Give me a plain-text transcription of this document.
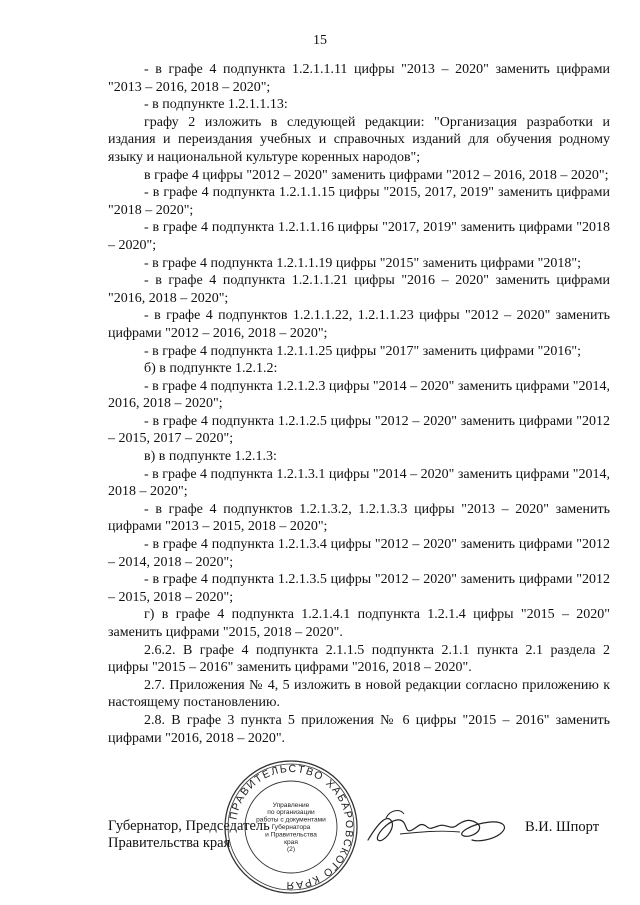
15

- в графе 4 подпункта 1.2.1.1.11 цифры "2013 – 2020" заменить цифрами "2013 – 2016, 2018 – 2020";

- в подпункте 1.2.1.1.13:

графу 2 изложить в следующей редакции: "Организация разработки и издания и переиздания учебных и справочных изданий для обучения родному языку и национальной культуре коренных народов";

в графе 4 цифры "2012 – 2020" заменить цифрами "2012 – 2016, 2018 – 2020";

- в графе 4 подпункта 1.2.1.1.15 цифры "2015, 2017, 2019" заменить цифрами "2018 – 2020";

- в графе 4 подпункта 1.2.1.1.16 цифры "2017, 2019" заменить цифрами "2018 – 2020";

- в графе 4 подпункта 1.2.1.1.19 цифры "2015" заменить цифрами "2018";

- в графе 4 подпункта 1.2.1.1.21 цифры "2016 – 2020" заменить цифрами "2016, 2018 – 2020";

- в графе 4 подпунктов 1.2.1.1.22, 1.2.1.1.23 цифры "2012 – 2020" заменить цифрами "2012 – 2016, 2018 – 2020";

- в графе 4 подпункта 1.2.1.1.25 цифры "2017" заменить цифрами "2016";

б) в подпункте 1.2.1.2:

- в графе 4 подпункта 1.2.1.2.3 цифры "2014 – 2020" заменить цифрами "2014, 2016, 2018 – 2020";

- в графе 4 подпункта 1.2.1.2.5 цифры "2012 – 2020" заменить цифрами "2012 – 2015, 2017 – 2020";

в) в подпункте 1.2.1.3:

- в графе 4 подпункта 1.2.1.3.1 цифры "2014 – 2020" заменить цифрами "2014, 2018 – 2020";

- в графе 4 подпунктов 1.2.1.3.2, 1.2.1.3.3 цифры "2013 – 2020" заменить цифрами "2013 – 2015, 2018 – 2020";

- в графе 4 подпункта 1.2.1.3.4 цифры "2012 – 2020" заменить цифрами "2012 – 2014, 2018 – 2020";

- в графе 4 подпункта 1.2.1.3.5 цифры "2012 – 2020" заменить цифрами "2012 – 2015, 2018 – 2020";

г) в графе 4 подпункта 1.2.1.4.1 подпункта 1.2.1.4 цифры "2015 – 2020" заменить цифрами "2015, 2018 – 2020".

2.6.2. В графе 4 подпункта 2.1.1.5 подпункта 2.1.1 пункта 2.1 раздела 2 цифры "2015 – 2016" заменить цифрами "2016, 2018 – 2020".

2.7. Приложения № 4, 5 изложить в новой редакции согласно приложению к настоящему постановлению.

2.8. В графе 3 пункта 5 приложения № 6 цифры "2015 – 2016" заменить цифрами "2016, 2018 – 2020".

Губернатор, Председатель
Правительства края
В.И. Шпорт
ПРАВИТЕЛЬСТВО ХАБАРОВСКОГО КРАЯ
Управление
по организации
работы с документами
Губернатора
и Правительства
края
(2)
